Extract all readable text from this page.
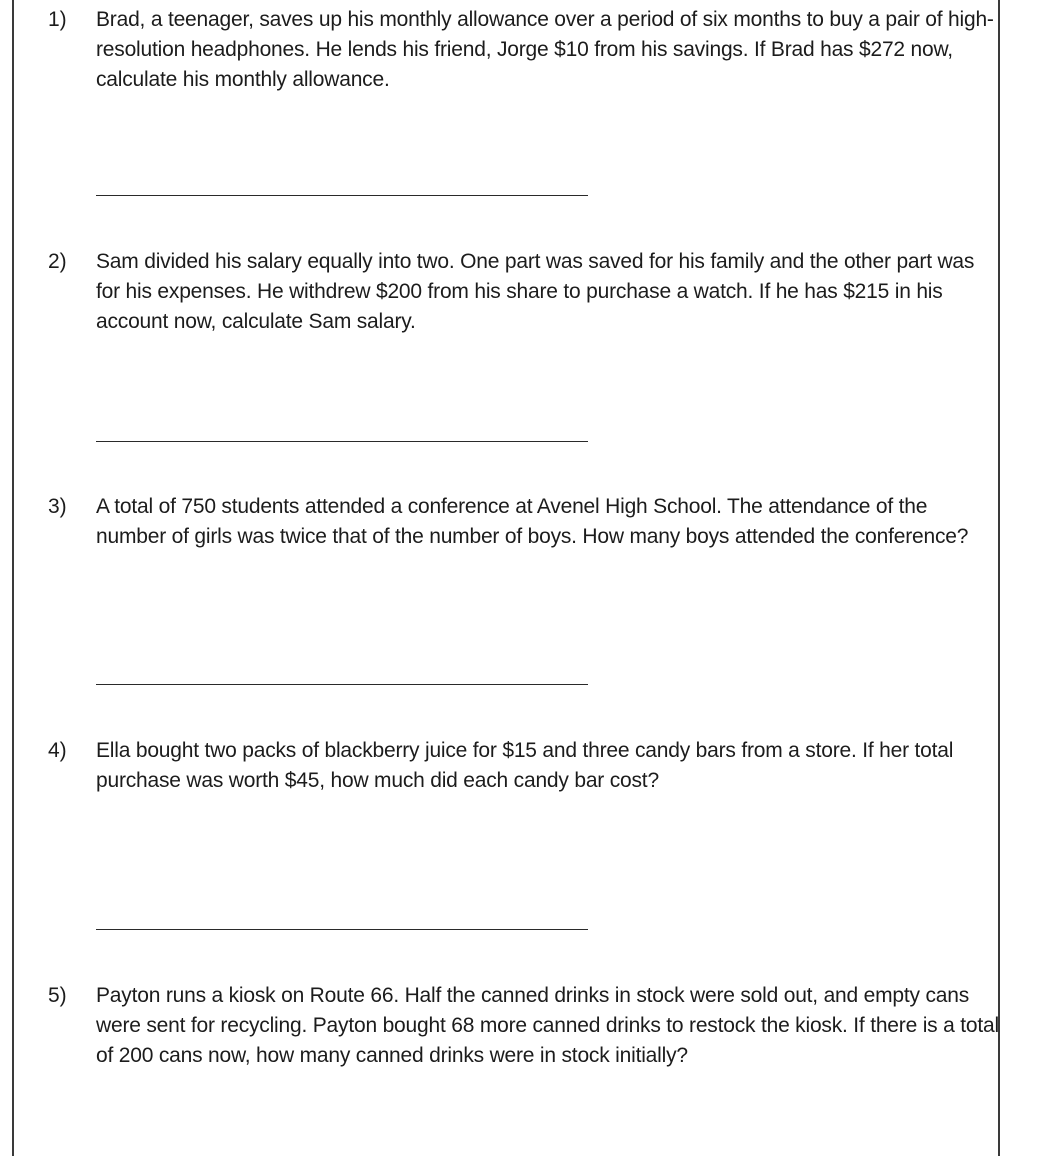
1) Brad, a teenager, saves up his monthly allowance over a period of six months to buy a pair of high-resolution headphones. He lends his friend, Jorge $10 from his savings. If Brad has $272 now, calculate his monthly allowance.

2) Sam divided his salary equally into two. One part was saved for his family and the other part was for his expenses. He withdrew $200 from his share to purchase a watch. If he has $215 in his account now, calculate Sam salary.

3) A total of 750 students attended a conference at Avenel High School. The attendance of the number of girls was twice that of the number of boys. How many boys attended the conference?

4) Ella bought two packs of blackberry juice for $15 and three candy bars from a store. If her total purchase was worth $45, how much did each candy bar cost?

5) Payton runs a kiosk on Route 66. Half the canned drinks in stock were sold out, and empty cans were sent for recycling. Payton bought 68 more canned drinks to restock the kiosk. If there is a total of 200 cans now, how many canned drinks were in stock initially?
